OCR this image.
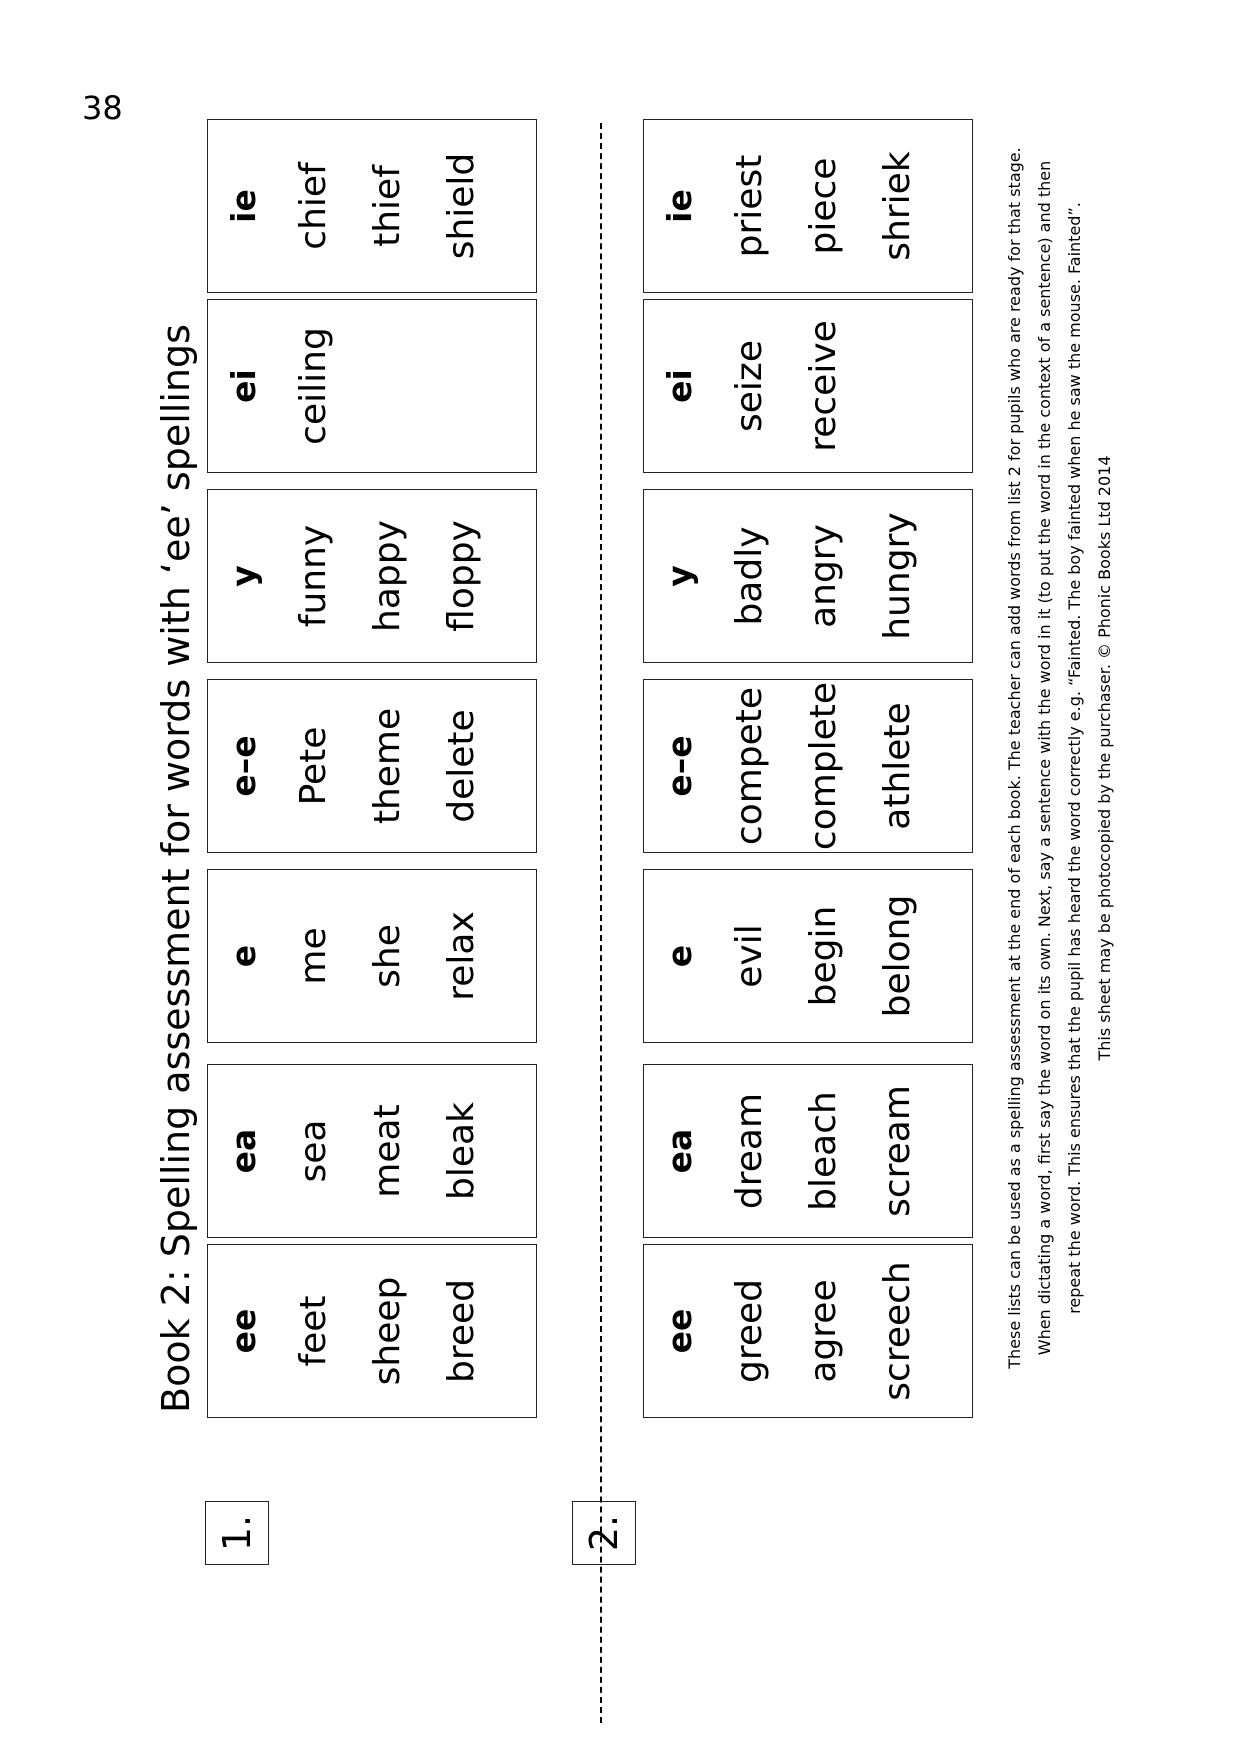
38
Book 2: Spelling assessment for words with ‘ee’ spellings
1.	2.
ee feet sheep breed
ea sea meat bleak
e me she relax
e–e Pete theme delete
y funny happy floppy
ei ceiling
ie chief thief shield
ee greed agree screech
ea dream bleach scream
e evil begin belong
e–e compete complete athlete
y badly angry hungry
ei seize receive
ie priest piece shriek	These lists can be used as a spelling assessment at the end of each book. The teacher can add words from list 2 for pupils who are ready for that stage. When dictating a word, first say the word on its own. Next, say a sentence with the word in it (to put the word in the context of a sentence) and then repeat the word. This ensures that the pupil has heard the word correctly e.g. “Fainted. The boy fainted when he saw the mouse. Fainted”. This sheet may be photocopied by the purchaser. © Phonic Books Ltd 2014
